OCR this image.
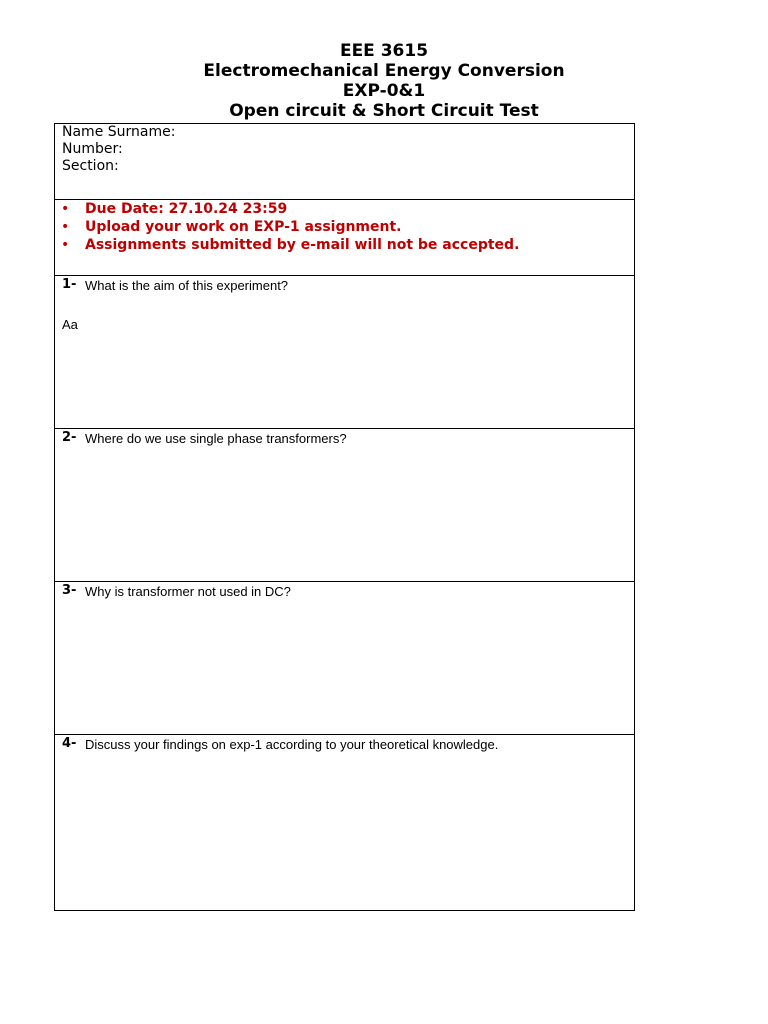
EEE 3615
Electromechanical Energy Conversion
EXP-0&1
Open circuit & Short Circuit Test
Name Surname:
Number:
Section:
• Due Date: 27.10.24 23:59
• Upload your work on EXP-1 assignment.
• Assignments submitted by e-mail will not be accepted.
1- What is the aim of this experiment?
Aa
2- Where do we use single phase transformers?
3- Why is transformer not used in DC?
4- Discuss your findings on exp-1 according to your theoretical knowledge.
